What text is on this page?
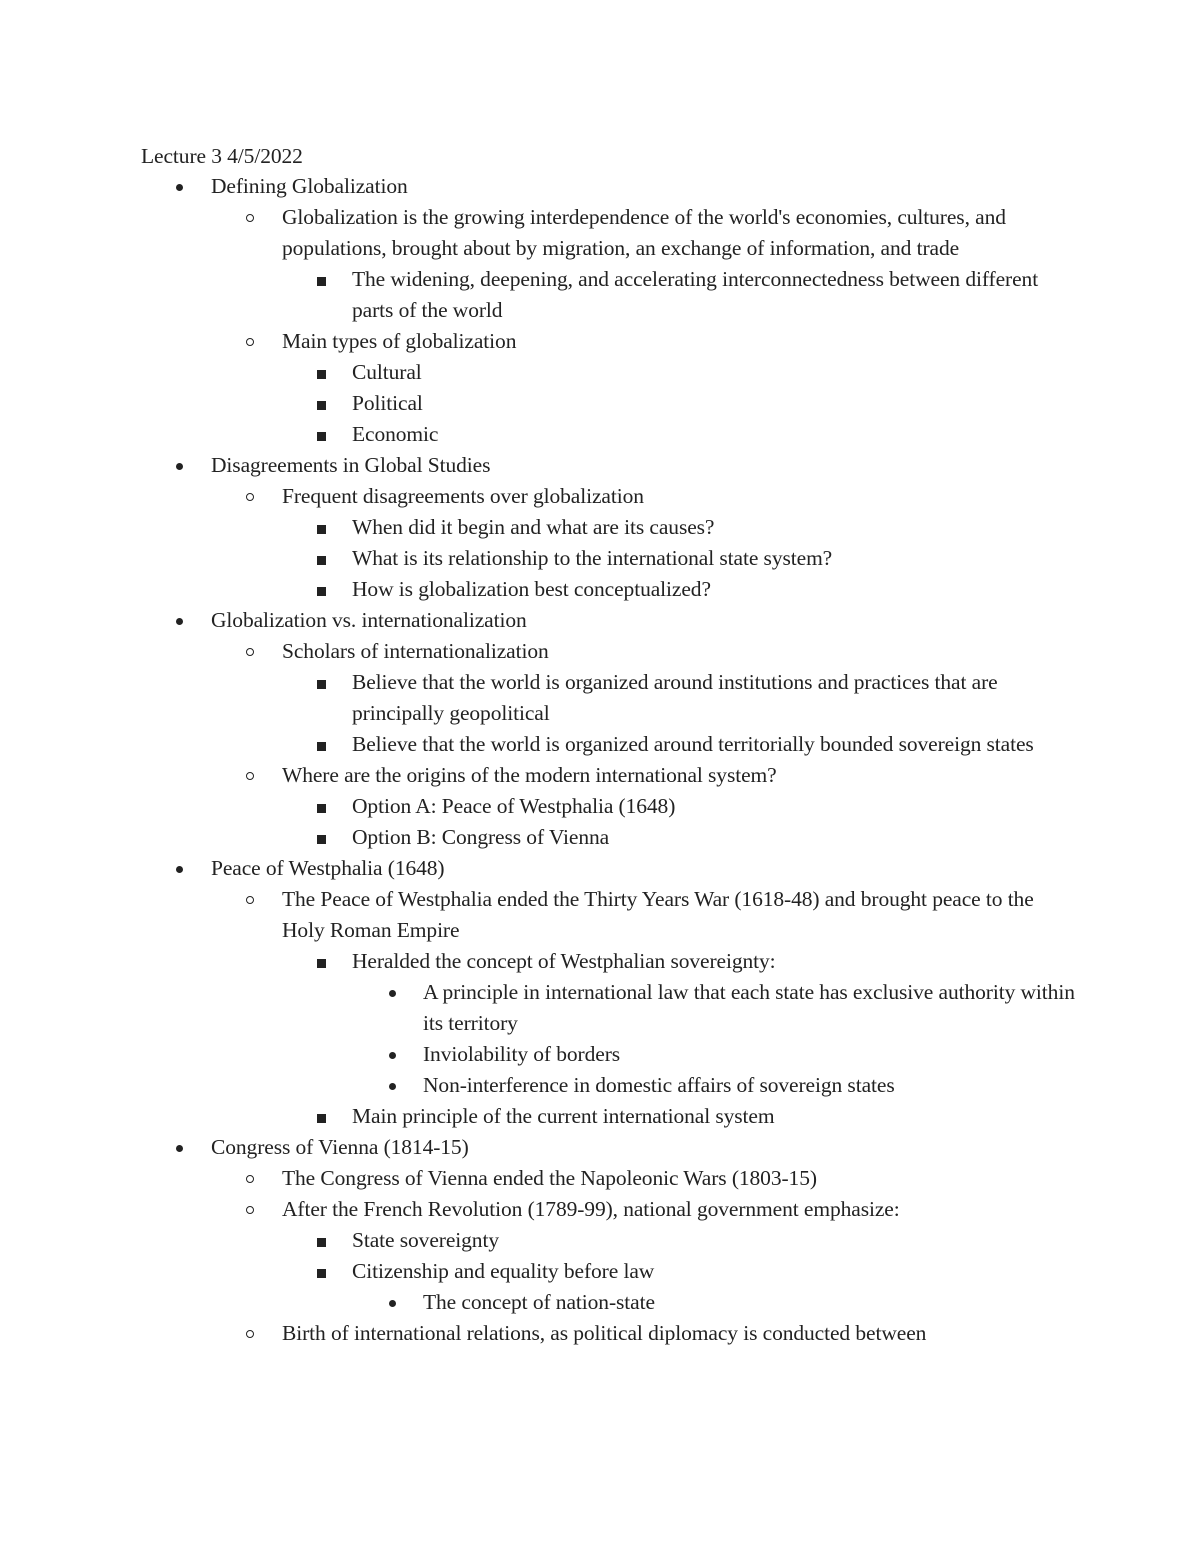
Lecture 3 4/5/2022
Defining Globalization
Globalization is the growing interdependence of the world's economies, cultures, and populations, brought about by migration, an exchange of information, and trade
The widening, deepening, and accelerating interconnectedness between different parts of the world
Main types of globalization
Cultural
Political
Economic
Disagreements in Global Studies
Frequent disagreements over globalization
When did it begin and what are its causes?
What is its relationship to the international state system?
How is globalization best conceptualized?
Globalization vs. internationalization
Scholars of internationalization
Believe that the world is organized around institutions and practices that are principally geopolitical
Believe that the world is organized around territorially bounded sovereign states
Where are the origins of the modern international system?
Option A: Peace of Westphalia (1648)
Option B: Congress of Vienna
Peace of Westphalia (1648)
The Peace of Westphalia ended the Thirty Years War (1618-48) and brought peace to the Holy Roman Empire
Heralded the concept of Westphalian sovereignty:
A principle in international law that each state has exclusive authority within its territory
Inviolability of borders
Non-interference in domestic affairs of sovereign states
Main principle of the current international system
Congress of Vienna (1814-15)
The Congress of Vienna ended the Napoleonic Wars (1803-15)
After the French Revolution (1789-99), national government emphasize:
State sovereignty
Citizenship and equality before law
The concept of nation-state
Birth of international relations, as political diplomacy is conducted between
